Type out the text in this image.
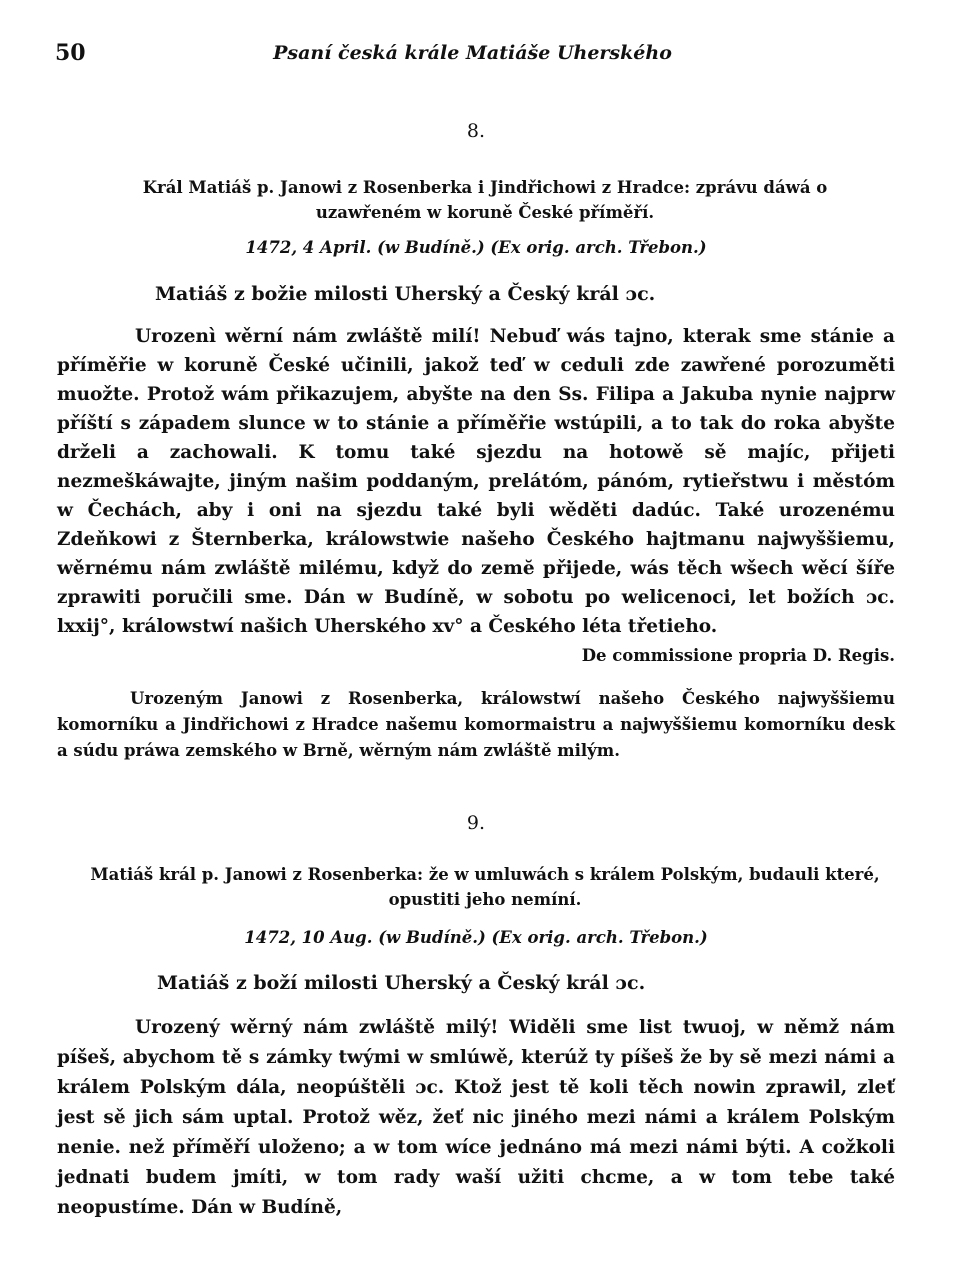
50	Psaní česká krále Matiáše Uherského
8.
Král Matiáš p. Janowi z Rosenberka i Jindřichowi z Hradce: zprávu dáwá o uzawřeném w koruně České příměří.
1472, 4 April. (w Budíně.) (Ex orig. arch. Třebon.)
Matiáš z božie milosti Uherský a Český král ɔc.

Urozenì wěrní nám zwláště milí! Nebuď wás tajno, kterak sme stánie a příměřie w koruně České učinili, jakož teď w ceduli zde zawřené porozuměti muožte. Protož wám přikazujem, abyšte na den Ss. Filipa a Jakuba nynie najprw příští s západem slunce w to stánie a příměřie wstúpili, a to tak do roka abyšte drželi a zachowali. K tomu také sjezdu na hotowě sě majíc, přijeti nezmeškáwajte, jiným našim poddaným, prelátóm, pánóm, rytieřstwu i městóm w Čechách, aby i oni na sjezdu také byli wěděti dadúc. Také urozenému Zdeňkowi z Šternberka, králowstwie našeho Českého hajtmanu najwyššiemu, wěrnému nám zwláště milému, když do zemĕ přijede, wás těch wšech wěcí šíře zprawiti poručili sme. Dán w Budíně, w sobotu po welicenoci, let božích ɔc. lxxij°, králowstwí našich Uherského xv° a Českého léta třetieho.

De commissione propria D. Regis.

Urozeným Janowi z Rosenberka, králowstwí našeho Českého najwyššiemu komorníku a Jindřichowi z Hradce našemu komormaistru a najwyššiemu komorníku desk a súdu práwa zemského w Brně, wěrným nám zwláště milým.

9.
Matiáš král p. Janowi z Rosenberka: že w umluwách s králem Polským, budauli které, opustiti jeho nemíní.
1472, 10 Aug. (w Budíně.) (Ex orig. arch. Třebon.)
Matiáš z boží milosti Uherský a Český král ɔc.

Urozený wěrný nám zwláště milý! Widěli sme list twuoj, w němž nám píšeš, abychom tě s zámky twými w smlúwě, kterúž ty píšeš že by sě mezi námi a králem Polským dála, neopúštěli ɔc. Ktož jest tě koli těch nowin zprawil, zleť jest sě jich sám uptal. Protož wěz, žeť nic jiného mezi námi a králem Polským nenie. než příměří uloženo; a w tom wíce jednáno má mezi námi býti. A cožkoli jednati budem jmíti, w tom rady waší užiti chcme, a w tom tebe také neopustíme. Dán w Budíně,
